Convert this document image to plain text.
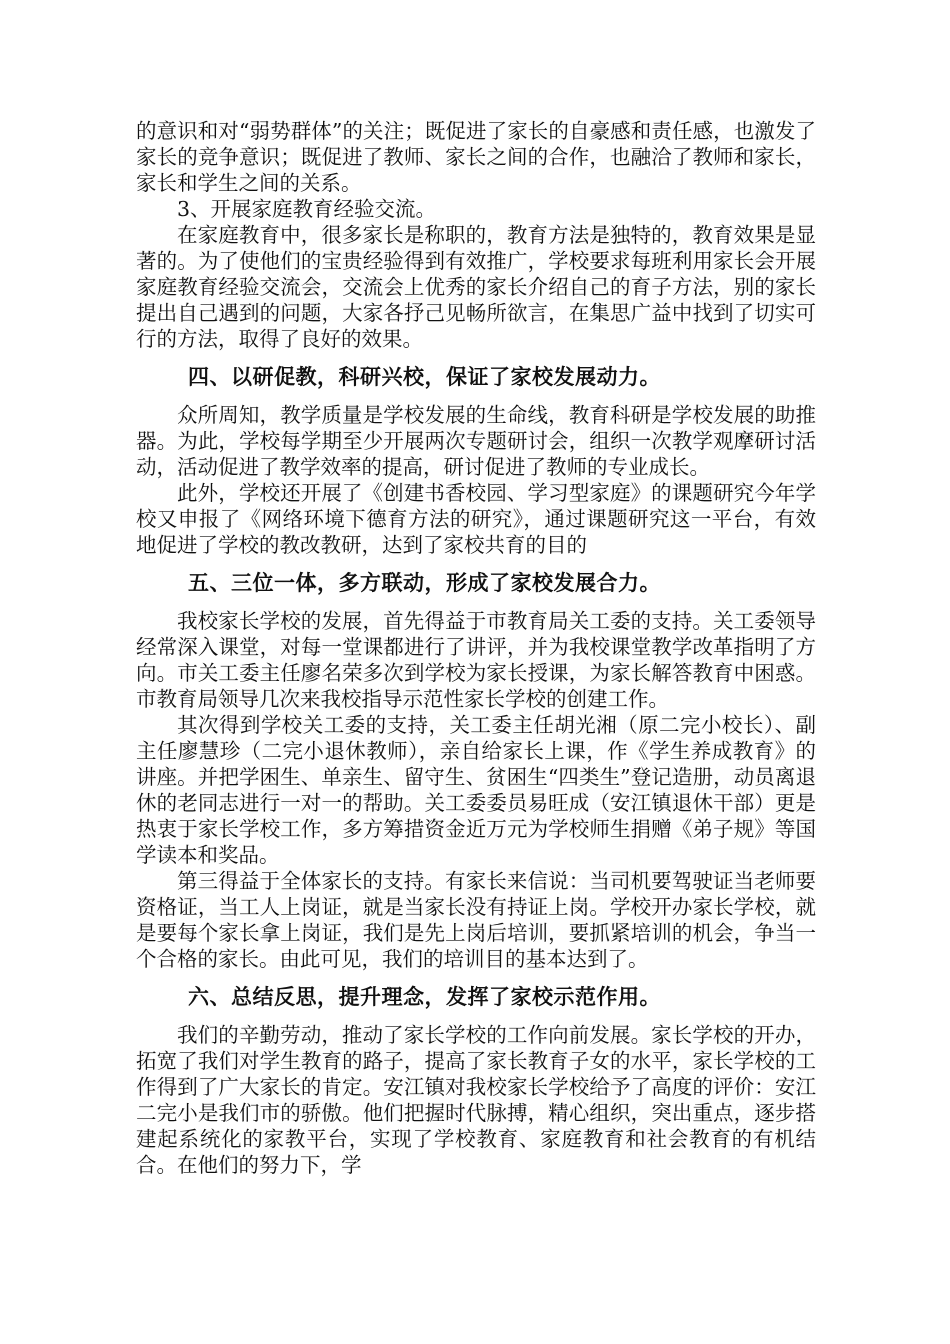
的意识和对“弱势群体”的关注；既促进了家长的自豪感和责任感，也激发了家长的竞争意识；既促进了教师、家长之间的合作，也融洽了教师和家长，家长和学生之间的关系。

3、开展家庭教育经验交流。

在家庭教育中，很多家长是称职的，教育方法是独特的，教育效果是显著的。为了使他们的宝贵经验得到有效推广，学校要求每班利用家长会开展家庭教育经验交流会，交流会上优秀的家长介绍自己的育子方法，别的家长提出自己遇到的问题，大家各抒己见畅所欲言，在集思广益中找到了切实可行的方法，取得了良好的效果。

四、以研促教，科研兴校，保证了家校发展动力。

众所周知，教学质量是学校发展的生命线，教育科研是学校发展的助推器。为此，学校每学期至少开展两次专题研讨会，组织一次教学观摩研讨活动，活动促进了教学效率的提高，研讨促进了教师的专业成长。

此外，学校还开展了《创建书香校园、学习型家庭》的课题研究今年学校又申报了《网络环境下德育方法的研究》，通过课题研究这一平台，有效地促进了学校的教改教研，达到了家校共育的目的

五、三位一体，多方联动，形成了家校发展合力。

我校家长学校的发展，首先得益于市教育局关工委的支持。关工委领导经常深入课堂，对每一堂课都进行了讲评，并为我校课堂教学改革指明了方向。市关工委主任廖名荣多次到学校为家长授课，为家长解答教育中困惑。市教育局领导几次来我校指导示范性家长学校的创建工作。

其次得到学校关工委的支持，关工委主任胡光湘（原二完小校长）、副主任廖慧珍（二完小退休教师），亲自给家长上课，作《学生养成教育》的讲座。并把学困生、单亲生、留守生、贫困生“四类生”登记造册，动员离退休的老同志进行一对一的帮助。关工委委员易旺成（安江镇退休干部）更是热衷于家长学校工作，多方筹措资金近万元为学校师生捐赠《弟子规》等国学读本和奖品。

第三得益于全体家长的支持。有家长来信说：当司机要驾驶证当老师要资格证，当工人上岗证，就是当家长没有持证上岗。学校开办家长学校，就是要每个家长拿上岗证，我们是先上岗后培训，要抓紧培训的机会，争当一个合格的家长。由此可见，我们的培训目的基本达到了。

六、总结反思，提升理念，发挥了家校示范作用。

我们的辛勤劳动，推动了家长学校的工作向前发展。家长学校的开办，拓宽了我们对学生教育的路子，提高了家长教育子女的水平，家长学校的工作得到了广大家长的肯定。安江镇对我校家长学校给予了高度的评价：安江二完小是我们市的骄傲。他们把握时代脉搏，精心组织，突出重点，逐步搭建起系统化的家教平台，实现了学校教育、家庭教育和社会教育的有机结合。在他们的努力下，学
